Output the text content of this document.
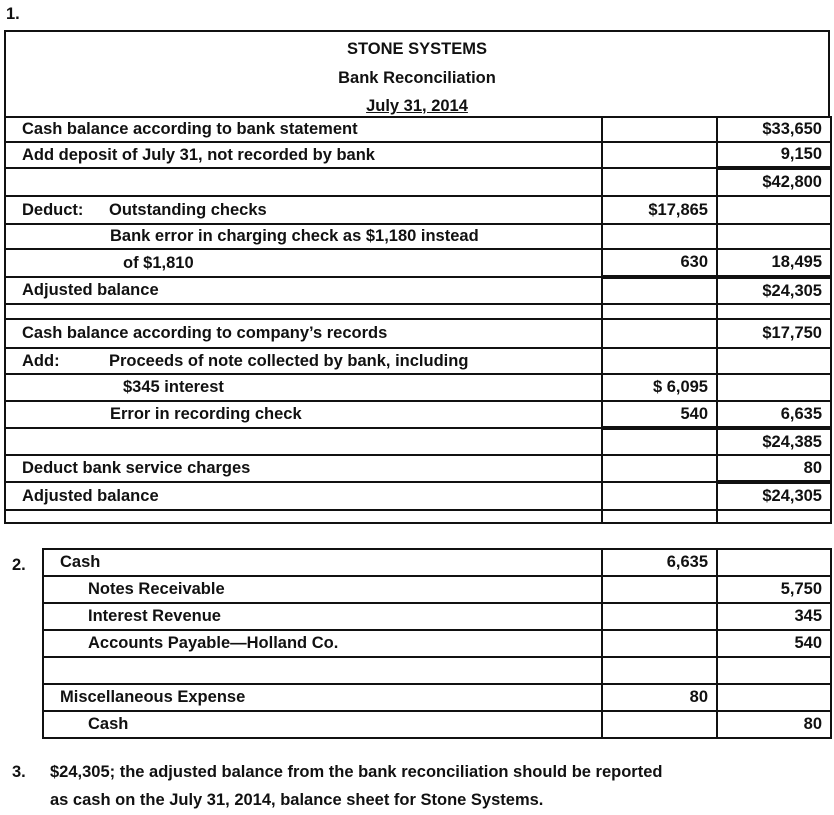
1.
STONE SYSTEMS
Bank Reconciliation
July 31, 2014
Cash balance according to bank statement		$33,650
Add deposit of July 31, not recorded by bank		9,150
		$42,800
Deduct: Outstanding checks	$17,865	
Bank error in charging check as $1,180 instead		
of $1,810	630	18,495
Adjusted balance		$24,305

Cash balance according to company’s records		$17,750
Add: Proceeds of note collected by bank, including		
$345 interest	$ 6,095	
Error in recording check	540	6,635
		$24,385
Deduct bank service charges		80
Adjusted balance		$24,305

2. Cash	6,635	
Notes Receivable		5,750
Interest Revenue		345
Accounts Payable—Holland Co.		540

Miscellaneous Expense	80	
Cash		80
3. $24,305; the adjusted balance from the bank reconciliation should be reported
as cash on the July 31, 2014, balance sheet for Stone Systems.
